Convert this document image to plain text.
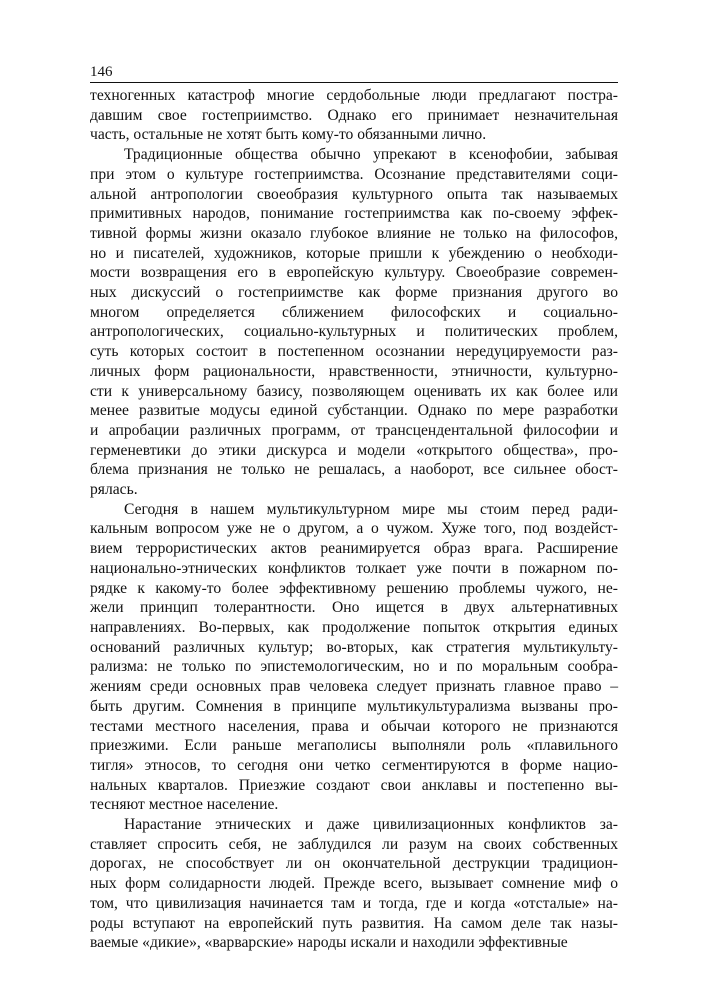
146
техногенных катастроф многие сердобольные люди предлагают постра-
давшим свое гостеприимство. Однако его принимает незначительная
часть, остальные не хотят быть кому-то обязанными лично.
Традиционные общества обычно упрекают в ксенофобии, забывая
при этом о культуре гостеприимства. Осознание представителями соци-
альной антропологии своеобразия культурного опыта так называемых
примитивных народов, понимание гостеприимства как по-своему эффек-
тивной формы жизни оказало глубокое влияние не только на философов,
но и писателей, художников, которые пришли к убеждению о необходи-
мости возвращения его в европейскую культуру. Своеобразие современ-
ных дискуссий о гостеприимстве как форме признания другого во
многом определяется сближением философских и социально-
антропологических, социально-культурных и политических проблем,
суть которых состоит в постепенном осознании нередуцируемости раз-
личных форм рациональности, нравственности, этничности, культурно-
сти к универсальному базису, позволяющем оценивать их как более или
менее развитые модусы единой субстанции. Однако по мере разработки
и апробации различных программ, от трансцендентальной философии и
герменевтики до этики дискурса и модели «открытого общества», про-
блема признания не только не решалась, а наоборот, все сильнее обост-
рялась.
Сегодня в нашем мультикультурном мире мы стоим перед ради-
кальным вопросом уже не о другом, а о чужом. Хуже того, под воздейст-
вием террористических актов реанимируется образ врага. Расширение
национально-этнических конфликтов толкает уже почти в пожарном по-
рядке к какому-то более эффективному решению проблемы чужого, не-
жели принцип толерантности. Оно ищется в двух альтернативных
направлениях. Во-первых, как продолжение попыток открытия единых
оснований различных культур; во-вторых, как стратегия мультикульту-
рализма: не только по эпистемологическим, но и по моральным сообра-
жениям среди основных прав человека следует признать главное право –
быть другим. Сомнения в принципе мультикультурализма вызваны про-
тестами местного населения, права и обычаи которого не признаются
приезжими. Если раньше мегаполисы выполняли роль «плавильного
тигля» этносов, то сегодня они четко сегментируются в форме нацио-
нальных кварталов. Приезжие создают свои анклавы и постепенно вы-
тесняют местное население.
Нарастание этнических и даже цивилизационных конфликтов за-
ставляет спросить себя, не заблудился ли разум на своих собственных
дорогах, не способствует ли он окончательной деструкции традицион-
ных форм солидарности людей. Прежде всего, вызывает сомнение миф о
том, что цивилизация начинается там и тогда, где и когда «отсталые» на-
роды вступают на европейский путь развития. На самом деле так назы-
ваемые «дикие», «варварские» народы искали и находили эффективные
